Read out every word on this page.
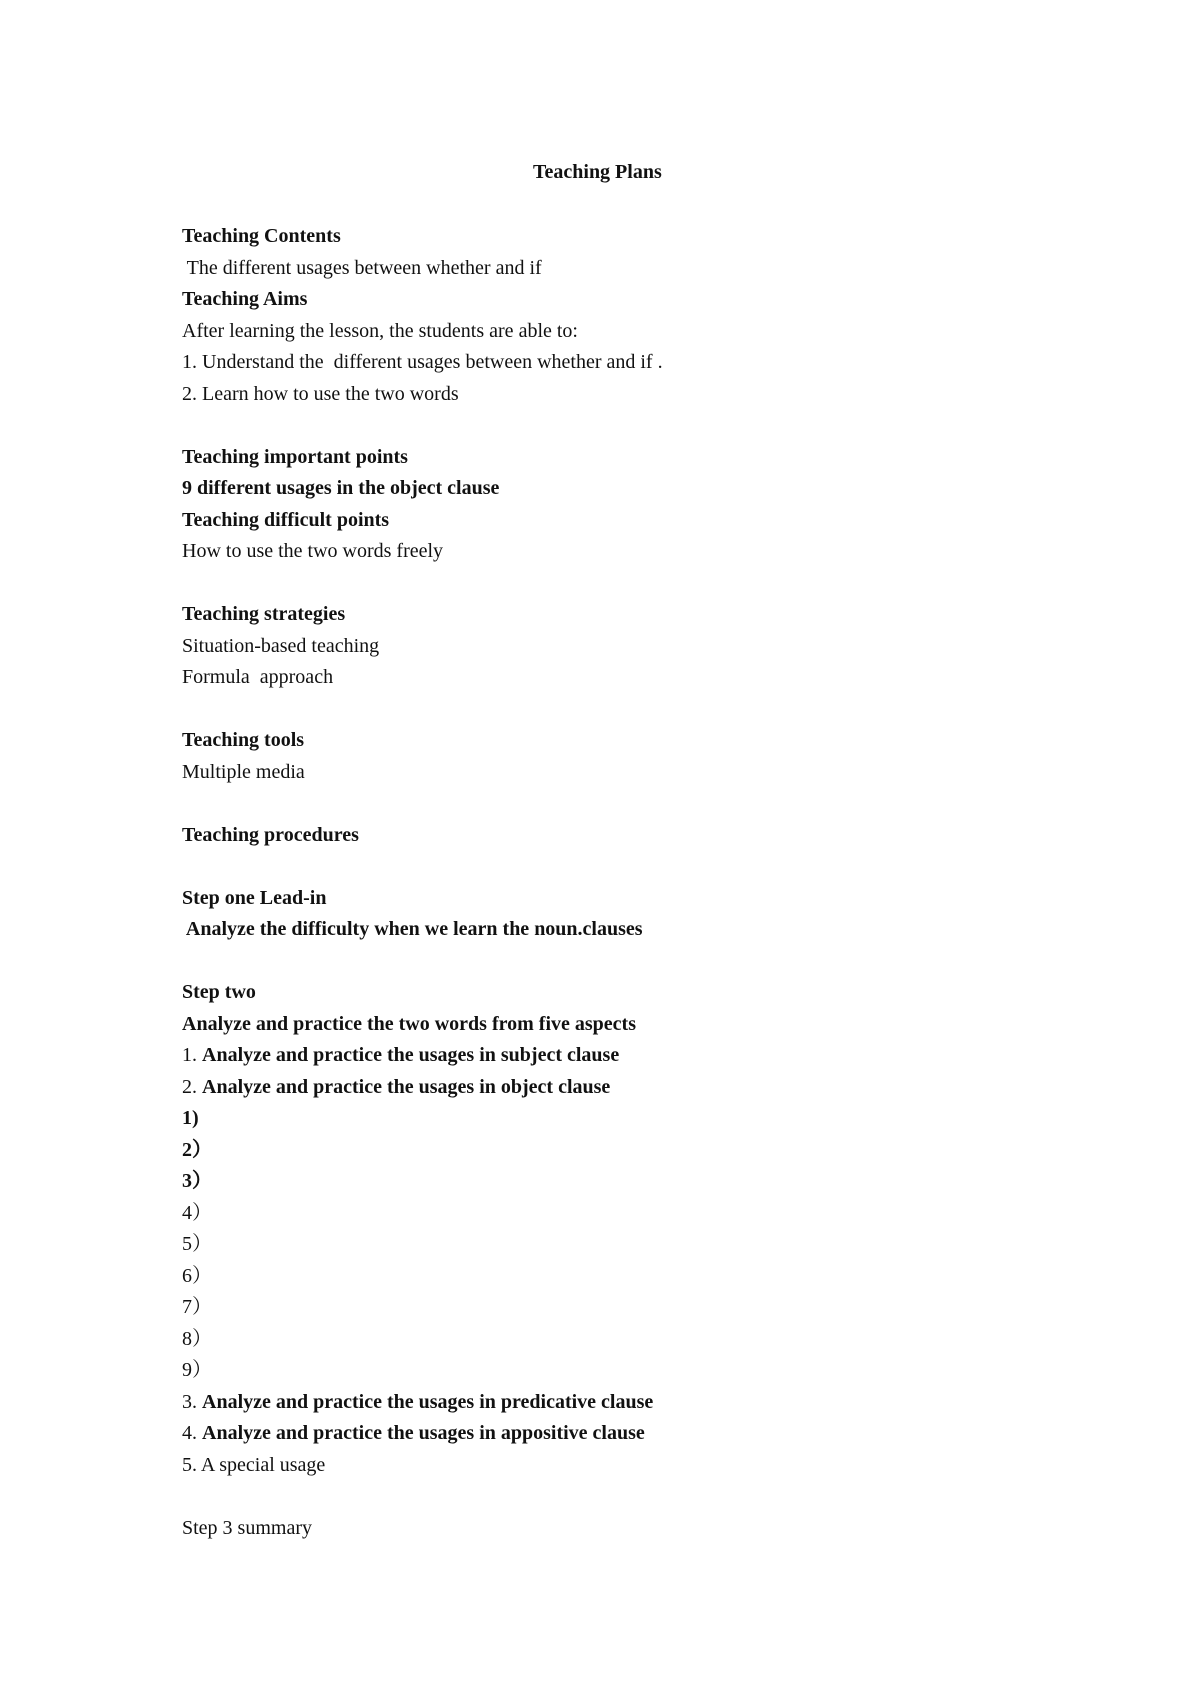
Teaching Plans
Teaching Contents
The different usages between whether and if
Teaching Aims
After learning the lesson, the students are able to:
1. Understand the  different usages between whether and if .
2. Learn how to use the two words
Teaching important points
9 different usages in the object clause
Teaching difficult points
How to use the two words freely
Teaching strategies
Situation-based teaching
Formula  approach
Teaching tools
Multiple media
Teaching procedures
Step one Lead-in
Analyze the difficulty when we learn the noun.clauses
Step two
Analyze and practice the two words from five aspects
1. Analyze and practice the usages in subject clause
2. Analyze and practice the usages in object clause
1)
2）
3）
4）
5）
6）
7）
8）
9）
3. Analyze and practice the usages in predicative clause
4. Analyze and practice the usages in appositive clause
5. A special usage
Step 3 summary
